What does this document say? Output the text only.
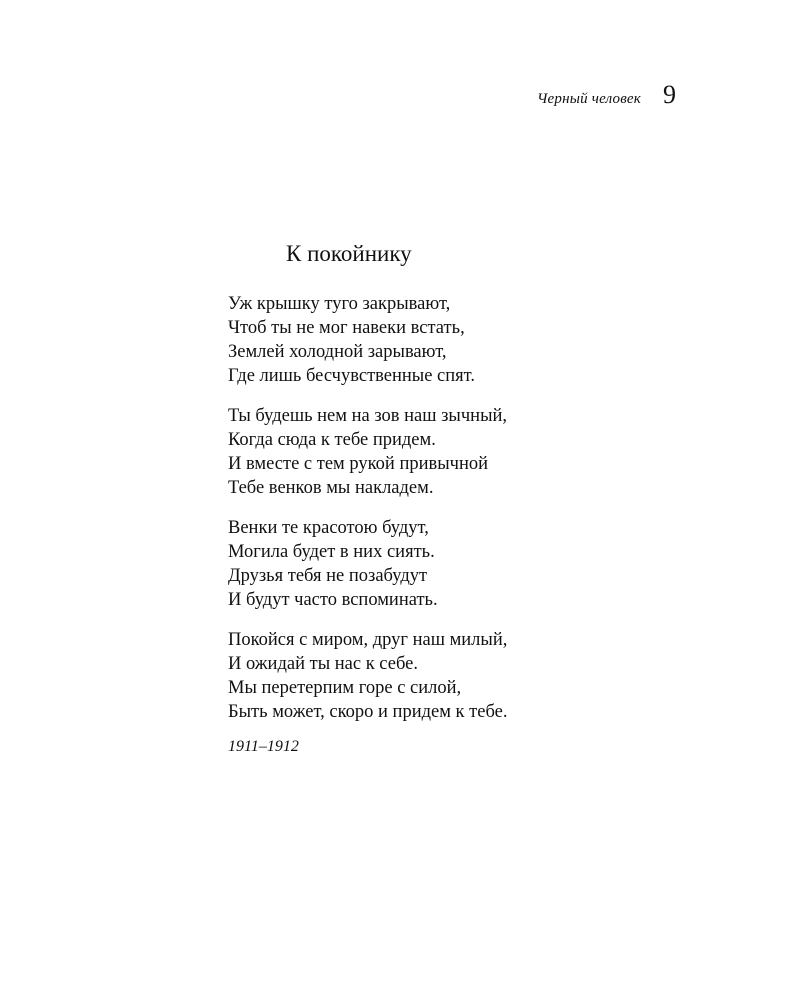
Черный человек 9
К покойнику
Уж крышку туго закрывают,
Чтоб ты не мог навеки встать,
Землей холодной зарывают,
Где лишь бесчувственные спят.
Ты будешь нем на зов наш зычный,
Когда сюда к тебе придем.
И вместе с тем рукой привычной
Тебе венков мы накладем.
Венки те красотою будут,
Могила будет в них сиять.
Друзья тебя не позабудут
И будут часто вспоминать.
Покойся с миром, друг наш милый,
И ожидай ты нас к себе.
Мы перетерпим горе с силой,
Быть может, скоро и придем к тебе.
1911–1912
